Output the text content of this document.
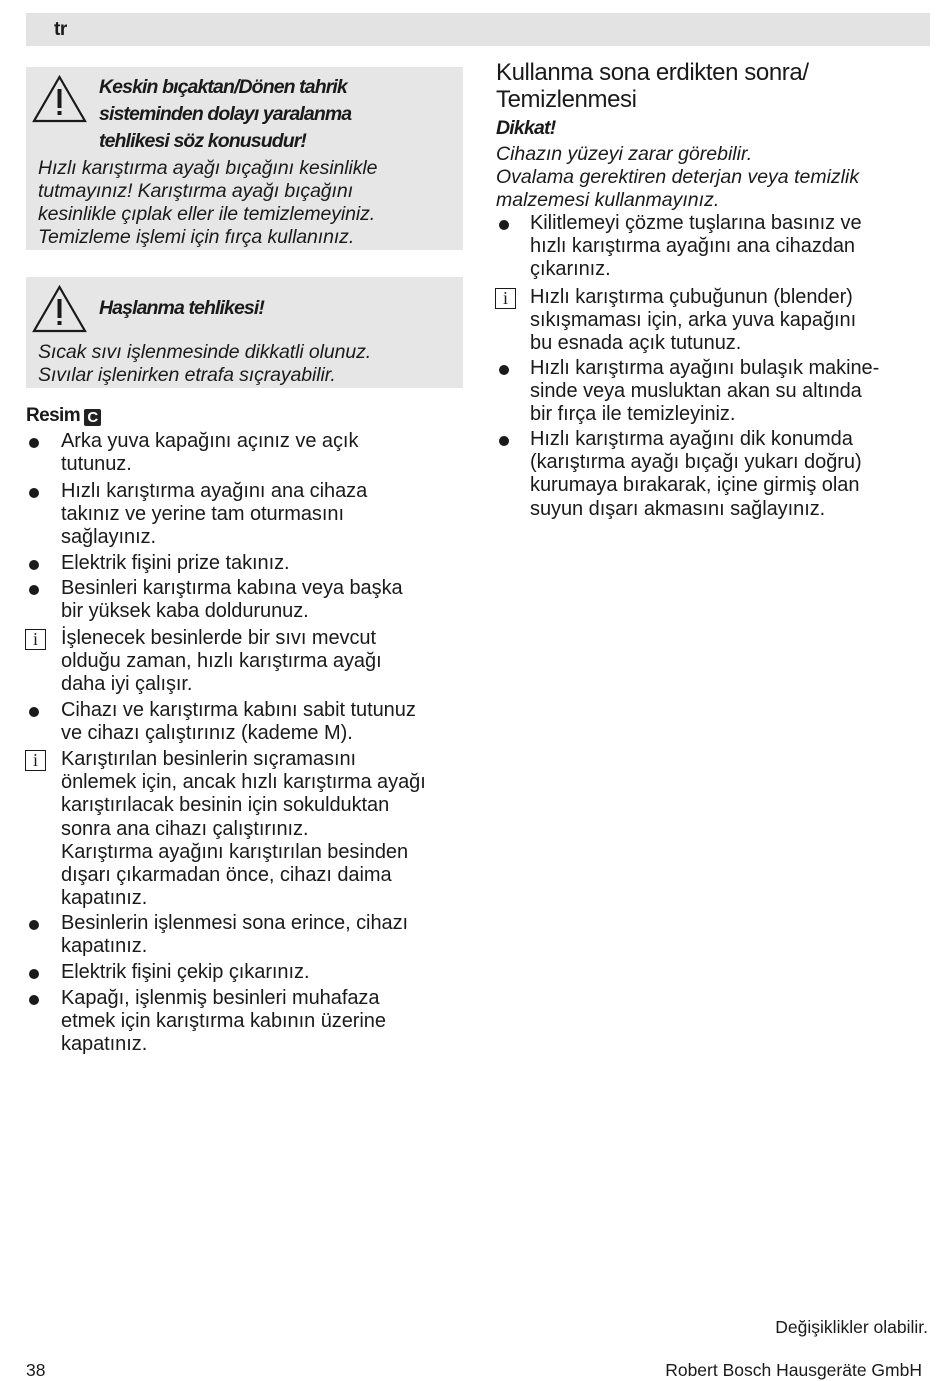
tr
Keskin bıçaktan/Dönen tahrik
sisteminden dolayı yaralanma
tehlikesi söz konusudur!
Hızlı karıştırma ayağı bıçağını kesinlikle
tutmayınız! Karıştırma ayağı bıçağını
kesinlikle çıplak eller ile temizlemeyiniz.
Temizleme işlemi için fırça kullanınız.
Haşlanma tehlikesi!
Sıcak sıvı işlenmesinde dikkatli olunuz.
Sıvılar işlenirken etrafa sıçrayabilir.
Resim C
Arka yuva kapağını açınız ve açık
tutunuz.
Hızlı karıştırma ayağını ana cihaza
takınız ve yerine tam oturmasını
sağlayınız.
Elektrik fişini prize takınız.
Besinleri karıştırma kabına veya başka
bir yüksek kaba doldurunuz.
i	İşlenecek besinlerde bir sıvı mevcut
olduğu zaman, hızlı karıştırma ayağı
daha iyi çalışır.
Cihazı ve karıştırma kabını sabit tutunuz
ve cihazı çalıştırınız (kademe M).
i	Karıştırılan besinlerin sıçramasını
önlemek için, ancak hızlı karıştırma ayağı
karıştırılacak besinin için sokulduktan
sonra ana cihazı çalıştırınız.
Karıştırma ayağını karıştırılan besinden
dışarı çıkarmadan önce, cihazı daima
kapatınız.
Besinlerin işlenmesi sona erince, cihazı
kapatınız.
Elektrik fişini çekip çıkarınız.
Kapağı, işlenmiş besinleri muhafaza
etmek için karıştırma kabının üzerine
kapatınız.
Kullanma sona erdikten sonra/
Temizlenmesi
Dikkat!
Cihazın yüzeyi zarar görebilir.
Ovalama gerektiren deterjan veya temizlik
malzemesi kullanmayınız.
Kilitlemeyi çözme tuşlarına basınız ve
hızlı karıştırma ayağını ana cihazdan
çıkarınız.
i	Hızlı karıştırma çubuğunun (blender)
sıkışmaması için, arka yuva kapağını
bu esnada açık tutunuz.
Hızlı karıştırma ayağını bulaşık makine-
sinde veya musluktan akan su altında
bir fırça ile temizleyiniz.
Hızlı karıştırma ayağını dik konumda
(karıştırma ayağı bıçağı yukarı doğru)
kurumaya bırakarak, içine girmiş olan
suyun dışarı akmasını sağlayınız.
Değişiklikler olabilir.
38	Robert Bosch Hausgeräte GmbH
